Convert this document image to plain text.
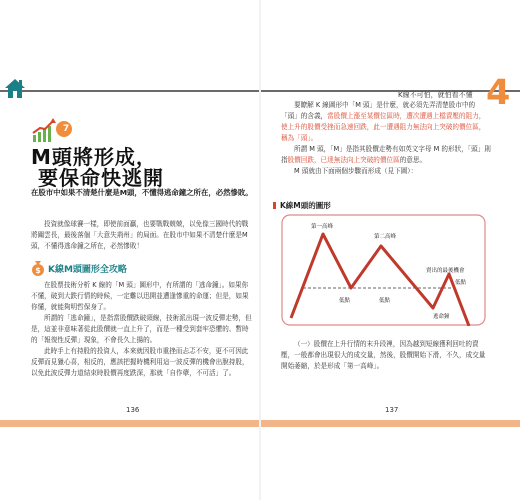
K線不可怕，就怕看不懂 4
7
M頭將形成，
要保命快逃開
在股市中如果不清楚什麼是M頭，不懂得逃命鐘之所在，必然慘敗。

投資就像球賽一樣，即使前面贏，也要戰戰兢兢，以免像三國時代的戰將關雲長，最後落個「大意失荊州」的局面。在股市中如果不清楚什麼是M頭，不懂得逃命鐘之所在，必然慘敗！

$ K線M頭圖形全攻略

在股票技術分析 K 線的「M 頭」圖形中，有所謂的「逃命鐘」。如果你不懂，破到大跌行情的時候，一定難以迅開並遭逢慘重的命運；但是，如果你懂，就能夠明哲保身了。

所謂的「逃命鐘」，是指當股價跌破頸線，技術派出現一波反彈走勢，但是，這並非意味著從此股價就一直上升了，而是一種受到套牢恐懼的、暫時的「報復性反彈」現象，不會長久上揚的。

此時手上有持股的投資人，本來就因股市重挫而忐忑不安，更不可因此反彈而見獵心喜，相反的，應該把握時機利用這一波反彈的機會出脫持股，以免此波反彈力道結束時股價再度跌深，那就「自作孽，不可活」了。

要瞭解 K 線圖形中「M 頭」是什麼，就必須先弄清楚股市中的「頭」的含義，當股價上漲至某價位區時，遭次遭遇上檔賣壓的阻力，使上升的股價受挫而急速回跌，此一遭遇阻力無法向上突破的價位區，稱為「頭」。

所謂 M 頭，「M」是指其股價走勢有如英文字母 M 的形狀，「頭」則指股價回跌，已達無法向上突破的價位區的意思。

M 頭就由下面兩個步驟而形成（見下圖）：

K線M頭的圖形
第一高峰
第二高峰
低點	低點
賣出的最後機會
低點
逃命鐘

（一）股價在上升行情的末升段裡，因為越到短線獲利回吐的賣壓，一般都會出現很大的成交量，然後，股價開始下滑，不久，成交量開始萎縮，於是形成「第一高峰」。

136	137
